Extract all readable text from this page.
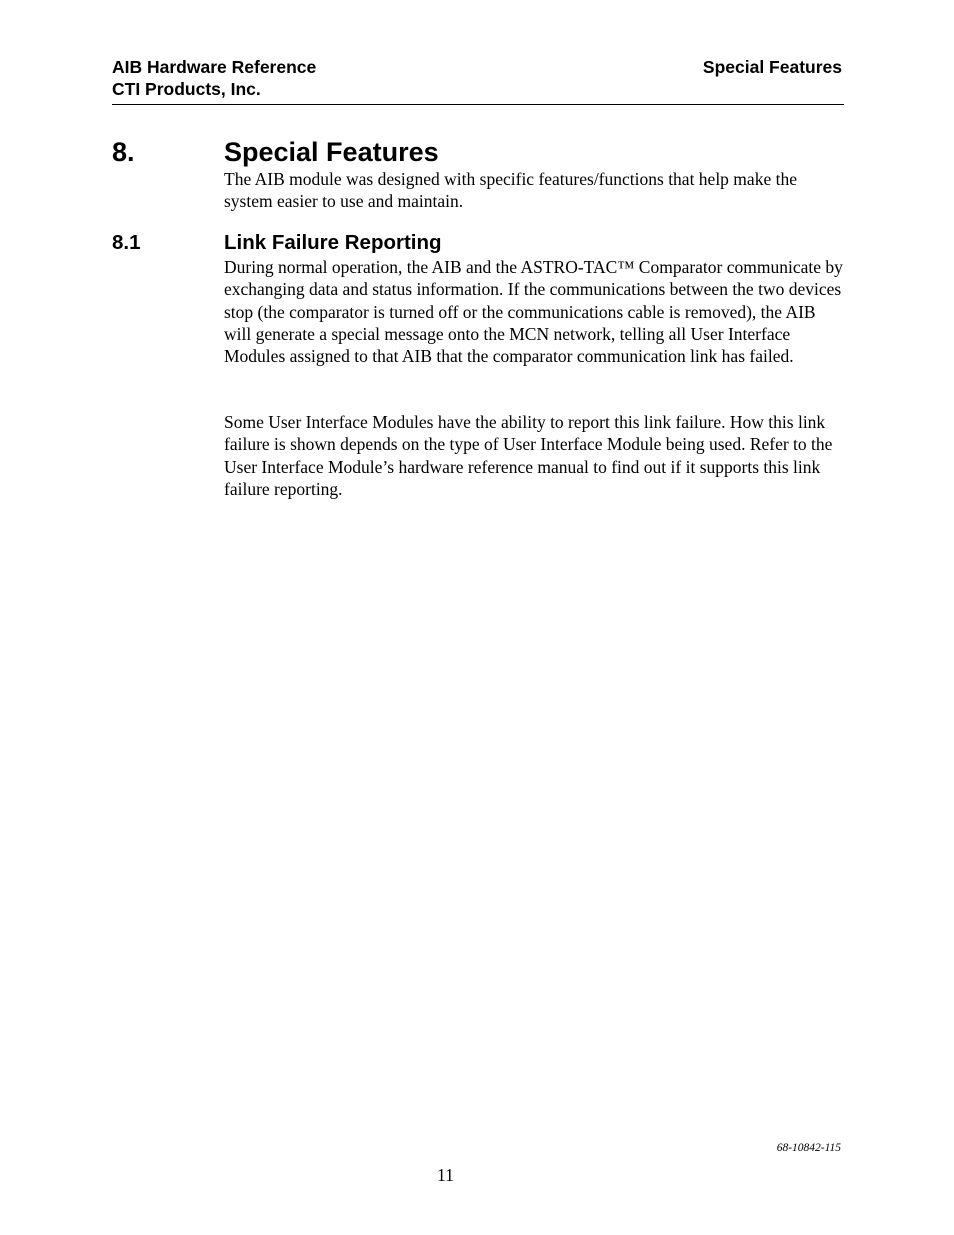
AIB Hardware Reference
CTI Products, Inc.
Special Features
8.	Special Features

The AIB module was designed with specific features/functions that help make the system easier to use and maintain.

8.1	Link Failure Reporting

During normal operation, the AIB and the ASTRO-TAC™ Comparator communicate by exchanging data and status information. If the communications between the two devices stop (the comparator is turned off or the communications cable is removed), the AIB will generate a special message onto the MCN network, telling all User Interface Modules assigned to that AIB that the comparator communication link has failed.

Some User Interface Modules have the ability to report this link failure. How this link failure is shown depends on the type of User Interface Module being used. Refer to the User Interface Module’s hardware reference manual to find out if it supports this link failure reporting.

68-10842-115
11
